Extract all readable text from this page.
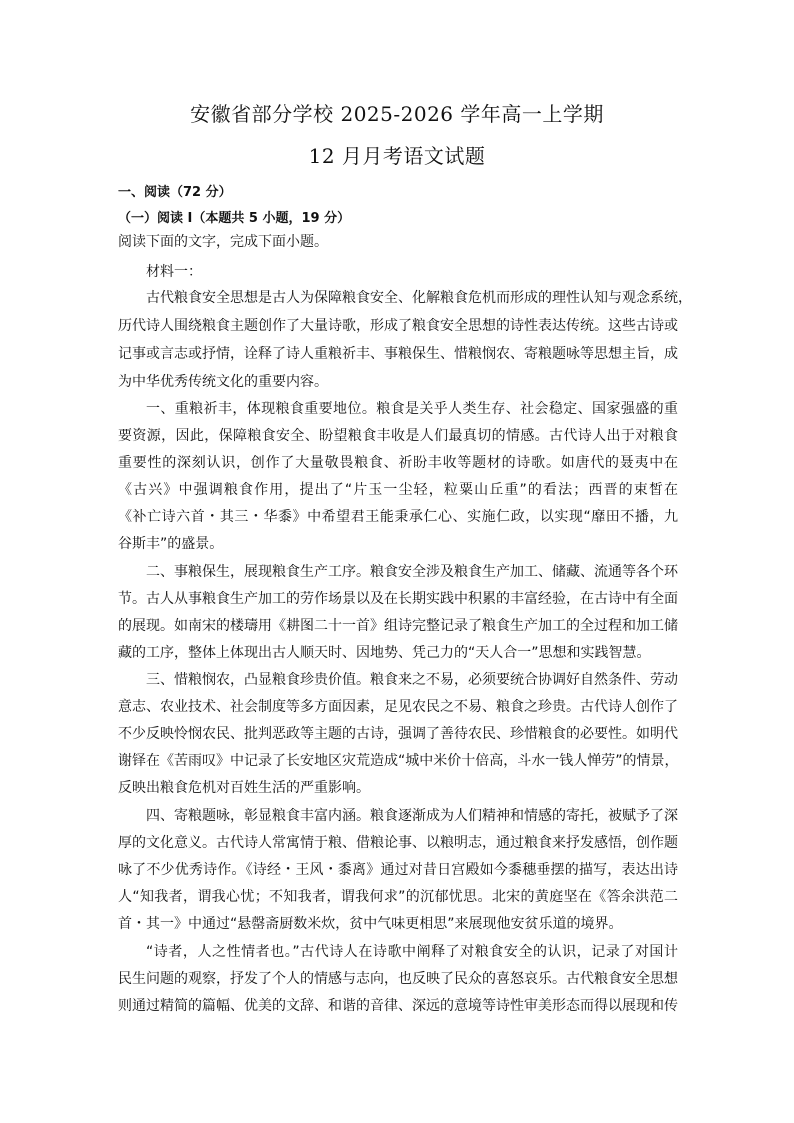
安徽省部分学校 2025-2026 学年高一上学期
12 月月考语文试题
一、阅读（72 分）
（一）阅读 I（本题共 5 小题，19 分）
阅读下面的文字，完成下面小题。
材料一：
古代粮食安全思想是古人为保障粮食安全、化解粮食危机而形成的理性认知与观念系统，
历代诗人围绕粮食主题创作了大量诗歌，形成了粮食安全思想的诗性表达传统。这些古诗或
记事或言志或抒情，诠释了诗人重粮祈丰、事粮保生、惜粮悯农、寄粮题咏等思想主旨，成
为中华优秀传统文化的重要内容。
一、重粮祈丰，体现粮食重要地位。粮食是关乎人类生存、社会稳定、国家强盛的重
要资源，因此，保障粮食安全、盼望粮食丰收是人们最真切的情感。古代诗人出于对粮食
重要性的深刻认识，创作了大量敬畏粮食、祈盼丰收等题材的诗歌。如唐代的聂夷中在
《古兴》中强调粮食作用，提出了“片玉一尘轻，粒粟山丘重”的看法；西晋的束皙在
《补亡诗六首・其三・华黍》中希望君王能秉承仁心、实施仁政，以实现“靡田不播，九
谷斯丰”的盛景。
二、事粮保生，展现粮食生产工序。粮食安全涉及粮食生产加工、储藏、流通等各个环
节。古人从事粮食生产加工的劳作场景以及在长期实践中积累的丰富经验，在古诗中有全面
的展现。如南宋的楼璹用《耕图二十一首》组诗完整记录了粮食生产加工的全过程和加工储
藏的工序，整体上体现出古人顺天时、因地势、凭己力的“天人合一”思想和实践智慧。
三、惜粮悯农，凸显粮食珍贵价值。粮食来之不易，必须要统合协调好自然条件、劳动
意志、农业技术、社会制度等多方面因素，足见农民之不易、粮食之珍贵。古代诗人创作了
不少反映怜悯农民、批判恶政等主题的古诗，强调了善待农民、珍惜粮食的必要性。如明代
谢铎在《苦雨叹》中记录了长安地区灾荒造成“城中米价十倍高，斗水一钱人惮劳”的情景，
反映出粮食危机对百姓生活的严重影响。
四、寄粮题咏，彰显粮食丰富内涵。粮食逐渐成为人们精神和情感的寄托，被赋予了深
厚的文化意义。古代诗人常寓情于粮、借粮论事、以粮明志，通过粮食来抒发感悟，创作题
咏了不少优秀诗作。《诗经・王风・黍离》通过对昔日宫殿如今黍穗垂摆的描写，表达出诗
人“知我者，谓我心忧；不知我者，谓我何求”的沉郁忧思。北宋的黄庭坚在《答余洪范二
首・其一》中通过“悬罄斋厨数米炊，贫中气味更相思”来展现他安贫乐道的境界。
“诗者，人之性情者也。”古代诗人在诗歌中阐释了对粮食安全的认识，记录了对国计
民生问题的观察，抒发了个人的情感与志向，也反映了民众的喜怒哀乐。古代粮食安全思想
则通过精简的篇幅、优美的文辞、和谐的音律、深远的意境等诗性审美形态而得以展现和传
